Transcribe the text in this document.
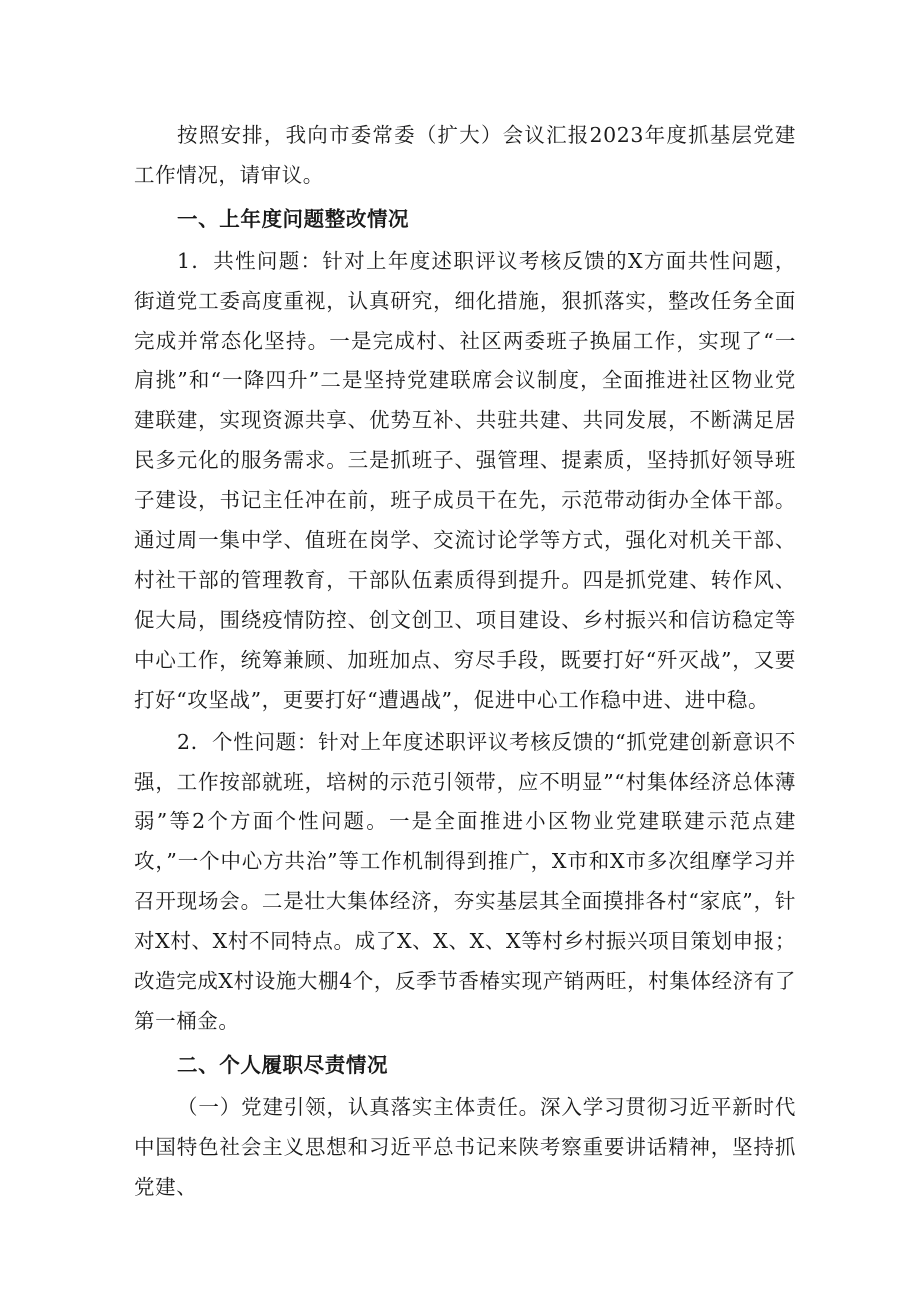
按照安排，我向市委常委（扩大）会议汇报2023年度抓基层党建工作情况，请审议。

一、上年度问题整改情况

1．共性问题：针对上年度述职评议考核反馈的X方面共性问题，街道党工委高度重视，认真研究，细化措施，狠抓落实，整改任务全面完成并常态化坚持。一是完成村、社区两委班子换届工作，实现了“一肩挑”和“一降四升”二是坚持党建联席会议制度，全面推进社区物业党建联建，实现资源共享、优势互补、共驻共建、共同发展，不断满足居民多元化的服务需求。三是抓班子、强管理、提素质，坚持抓好领导班子建设，书记主任冲在前，班子成员干在先，示范带动街办全体干部。通过周一集中学、值班在岗学、交流讨论学等方式，强化对机关干部、村社干部的管理教育，干部队伍素质得到提升。四是抓党建、转作风、促大局，围绕疫情防控、创文创卫、项目建设、乡村振兴和信访稳定等中心工作，统筹兼顾、加班加点、穷尽手段，既要打好“歼灭战”，又要打好“攻坚战”，更要打好“遭遇战”，促进中心工作稳中进、进中稳。

2．个性问题：针对上年度述职评议考核反馈的“抓党建创新意识不强，工作按部就班，培树的示范引领带，应不明显”“村集体经济总体薄弱”等2个方面个性问题。一是全面推进小区物业党建联建示范点建攻，”一个中心方共治”等工作机制得到推广，X市和X市多次组摩学习并召开现场会。二是壮大集体经济，夯实基层其全面摸排各村“家底”，针对X村、X村不同特点。成了X、X、X、X等村乡村振兴项目策划申报；改造完成X村设施大棚4个，反季节香椿实现产销两旺，村集体经济有了第一桶金。

二、个人履职尽责情况

（一）党建引领，认真落实主体责任。深入学习贯彻习近平新时代中国特色社会主义思想和习近平总书记来陕考察重要讲话精神，坚持抓党建、
